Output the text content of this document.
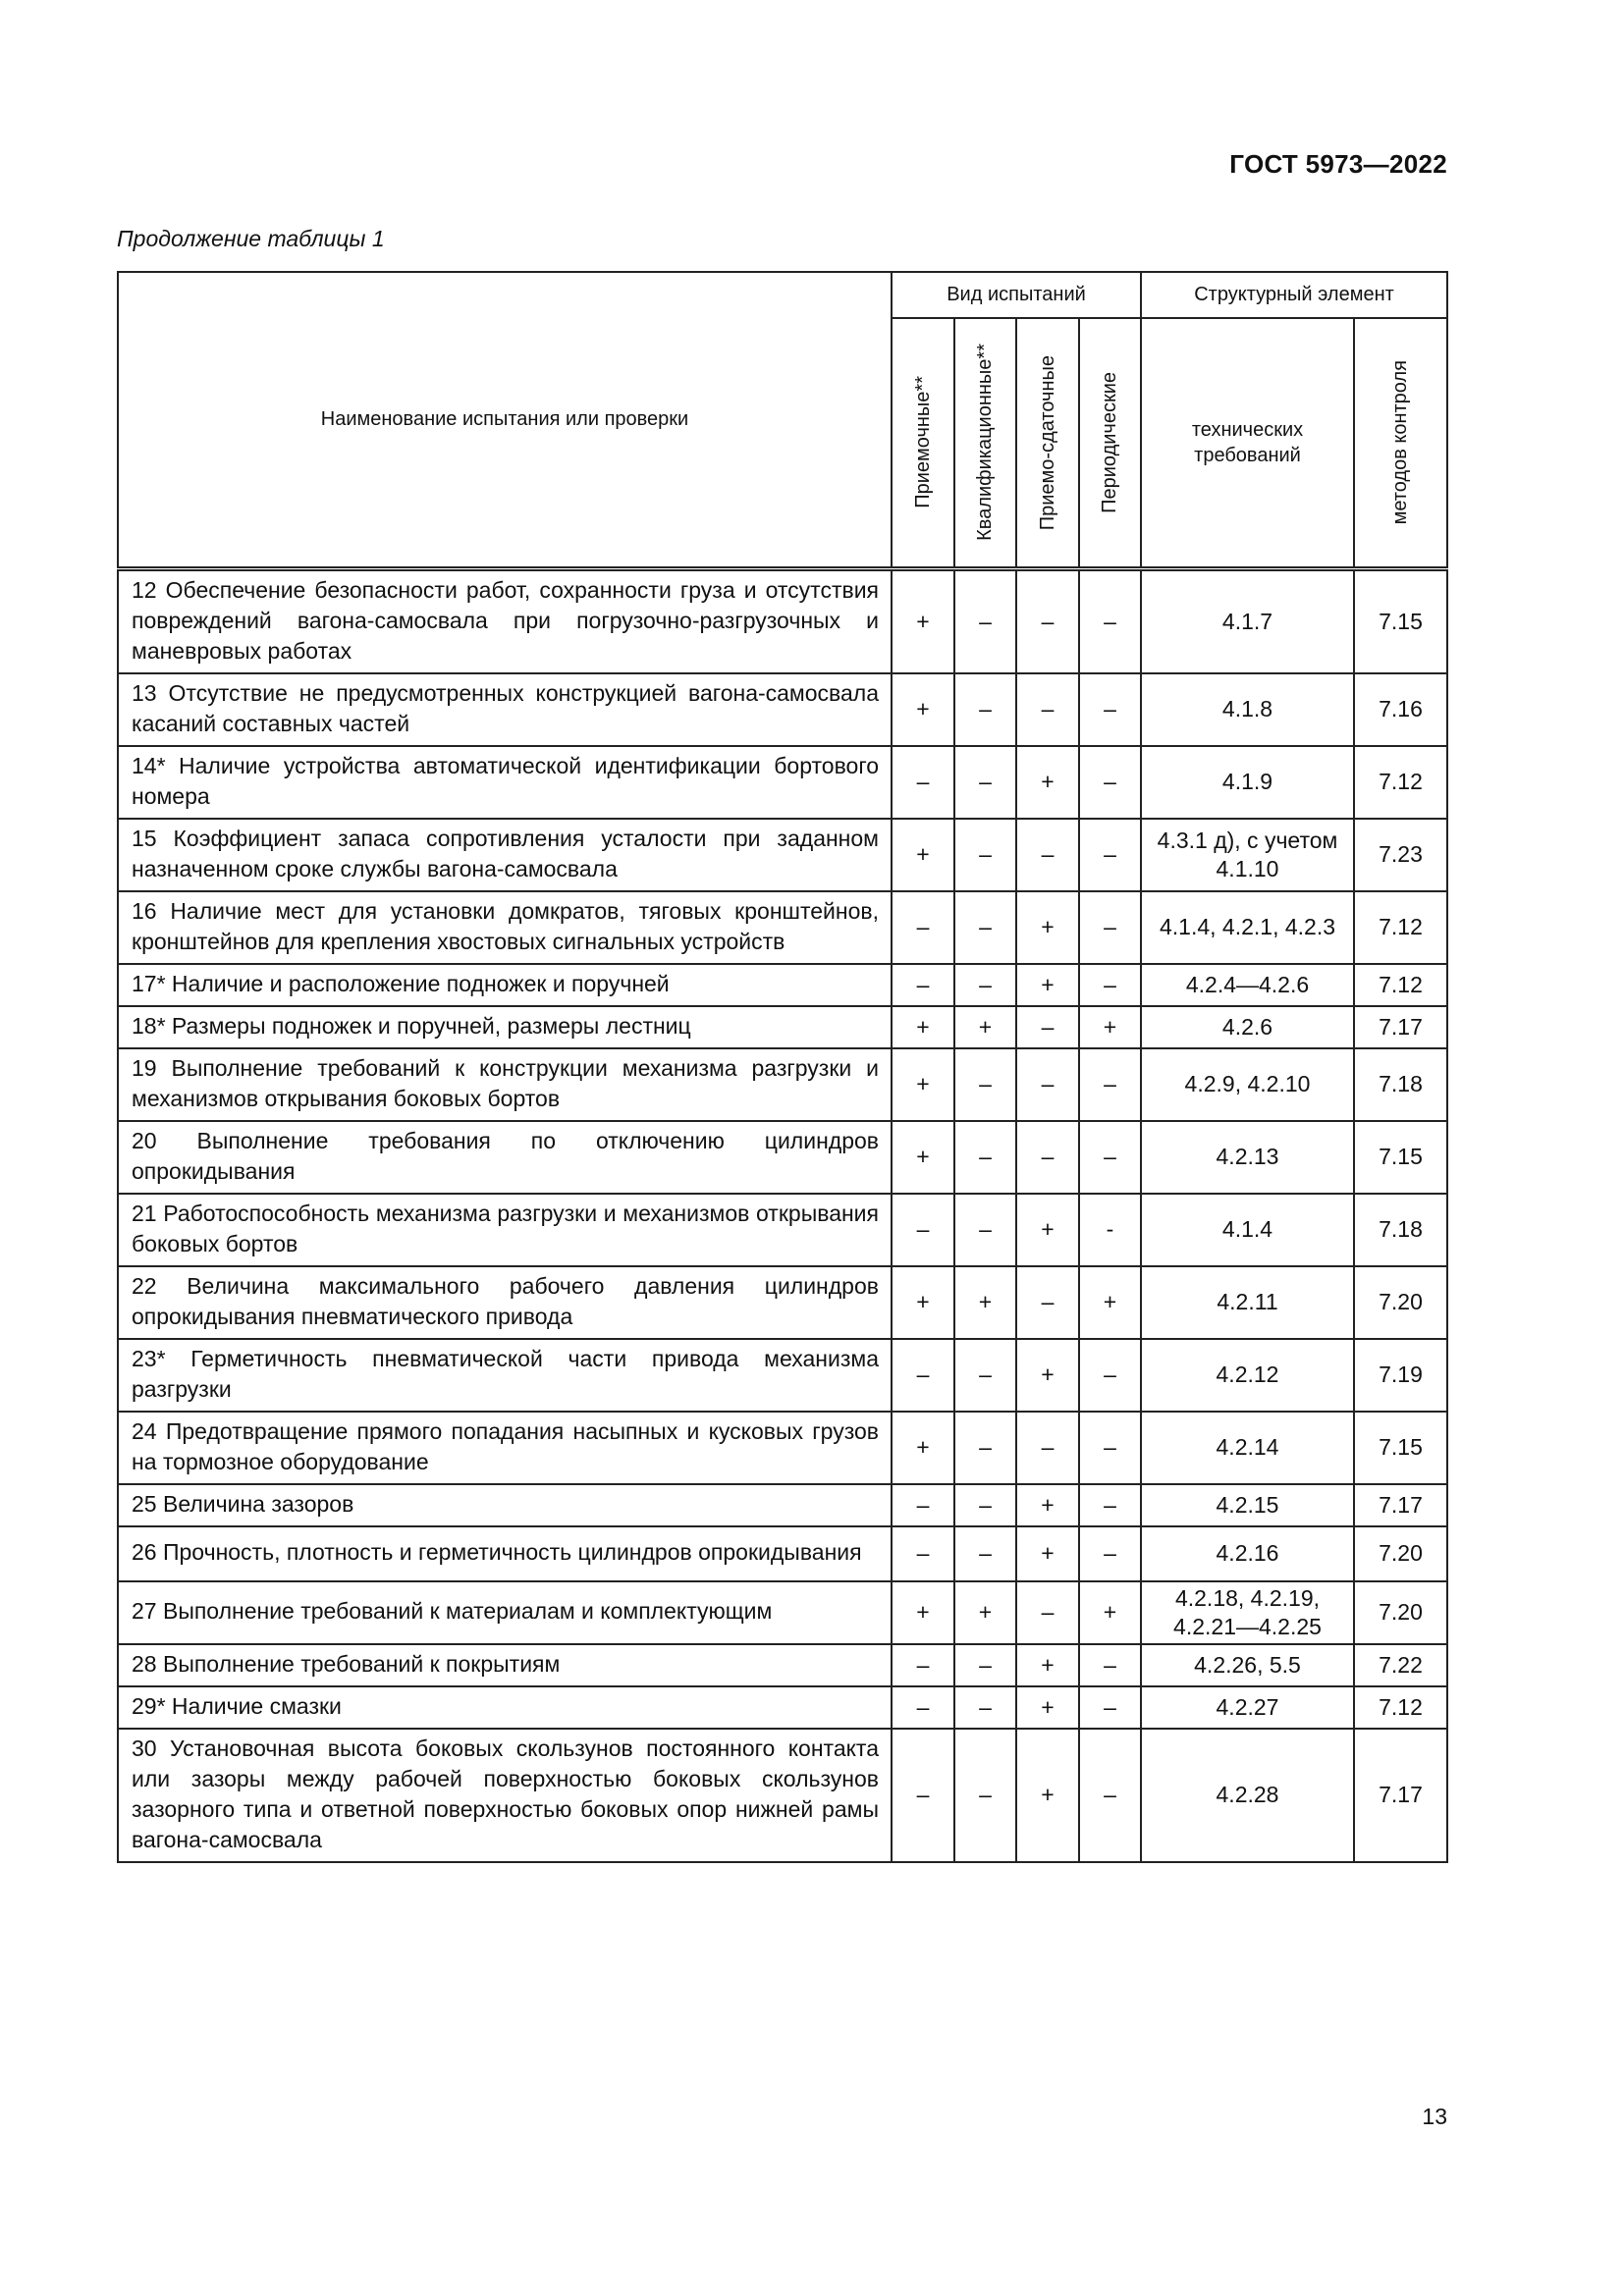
ГОСТ 5973—2022
Продолжение таблицы 1
Наименование испытания или проверки	Вид испытаний				Структурный элемент	

	Приемочные**	Квалификационные**	Приемо-сдаточные	Периодические	технических требований	методов контроля

12 Обеспечение безопасности работ, сохранности груза и отсутствия повреждений вагона-самосвала при погрузочно-разгрузочных и маневровых работах	+	–	–	–	4.1.7	7.15
13 Отсутствие не предусмотренных конструкцией вагона-самосвала касаний составных частей	+	–	–	–	4.1.8	7.16
14* Наличие устройства автоматической идентификации бортового номера	–	–	+	–	4.1.9	7.12
15 Коэффициент запаса сопротивления усталости при заданном назначенном сроке службы вагона-самосвала	+	–	–	–	4.3.1 д), с учетом 4.1.10	7.23
16 Наличие мест для установки домкратов, тяговых кронштейнов, кронштейнов для крепления хвостовых сигнальных устройств	–	–	+	–	4.1.4, 4.2.1, 4.2.3	7.12
17* Наличие и расположение подножек и поручней	–	–	+	–	4.2.4—4.2.6	7.12
18* Размеры подножек и поручней, размеры лестниц	+	+	–	+	4.2.6	7.17
19 Выполнение требований к конструкции механизма разгрузки и механизмов открывания боковых бортов	+	–	–	–	4.2.9, 4.2.10	7.18
20 Выполнение требования по отключению цилиндров опрокидывания	+	–	–	–	4.2.13	7.15
21 Работоспособность механизма разгрузки и механизмов открывания боковых бортов	–	–	+	-	4.1.4	7.18
22 Величина максимального рабочего давления цилиндров опрокидывания пневматического привода	+	+	–	+	4.2.11	7.20
23* Герметичность пневматической части привода механизма разгрузки	–	–	+	–	4.2.12	7.19
24 Предотвращение прямого попадания насыпных и кусковых грузов на тормозное оборудование	+	–	–	–	4.2.14	7.15
25 Величина зазоров	–	–	+	–	4.2.15	7.17
26 Прочность, плотность и герметичность цилиндров опрокидывания	–	–	+	–	4.2.16	7.20
27 Выполнение требований к материалам и комплектующим	+	+	–	+	4.2.18, 4.2.19, 4.2.21—4.2.25	7.20
28 Выполнение требований к покрытиям	–	–	+	–	4.2.26, 5.5	7.22
29* Наличие смазки	–	–	+	–	4.2.27	7.12
30 Установочная высота боковых скользунов постоянного контакта или зазоры между рабочей поверхностью боковых скользунов зазорного типа и ответной поверхностью боковых опор нижней рамы вагона-самосвала	–	–	+	–	4.2.28	7.17
13
